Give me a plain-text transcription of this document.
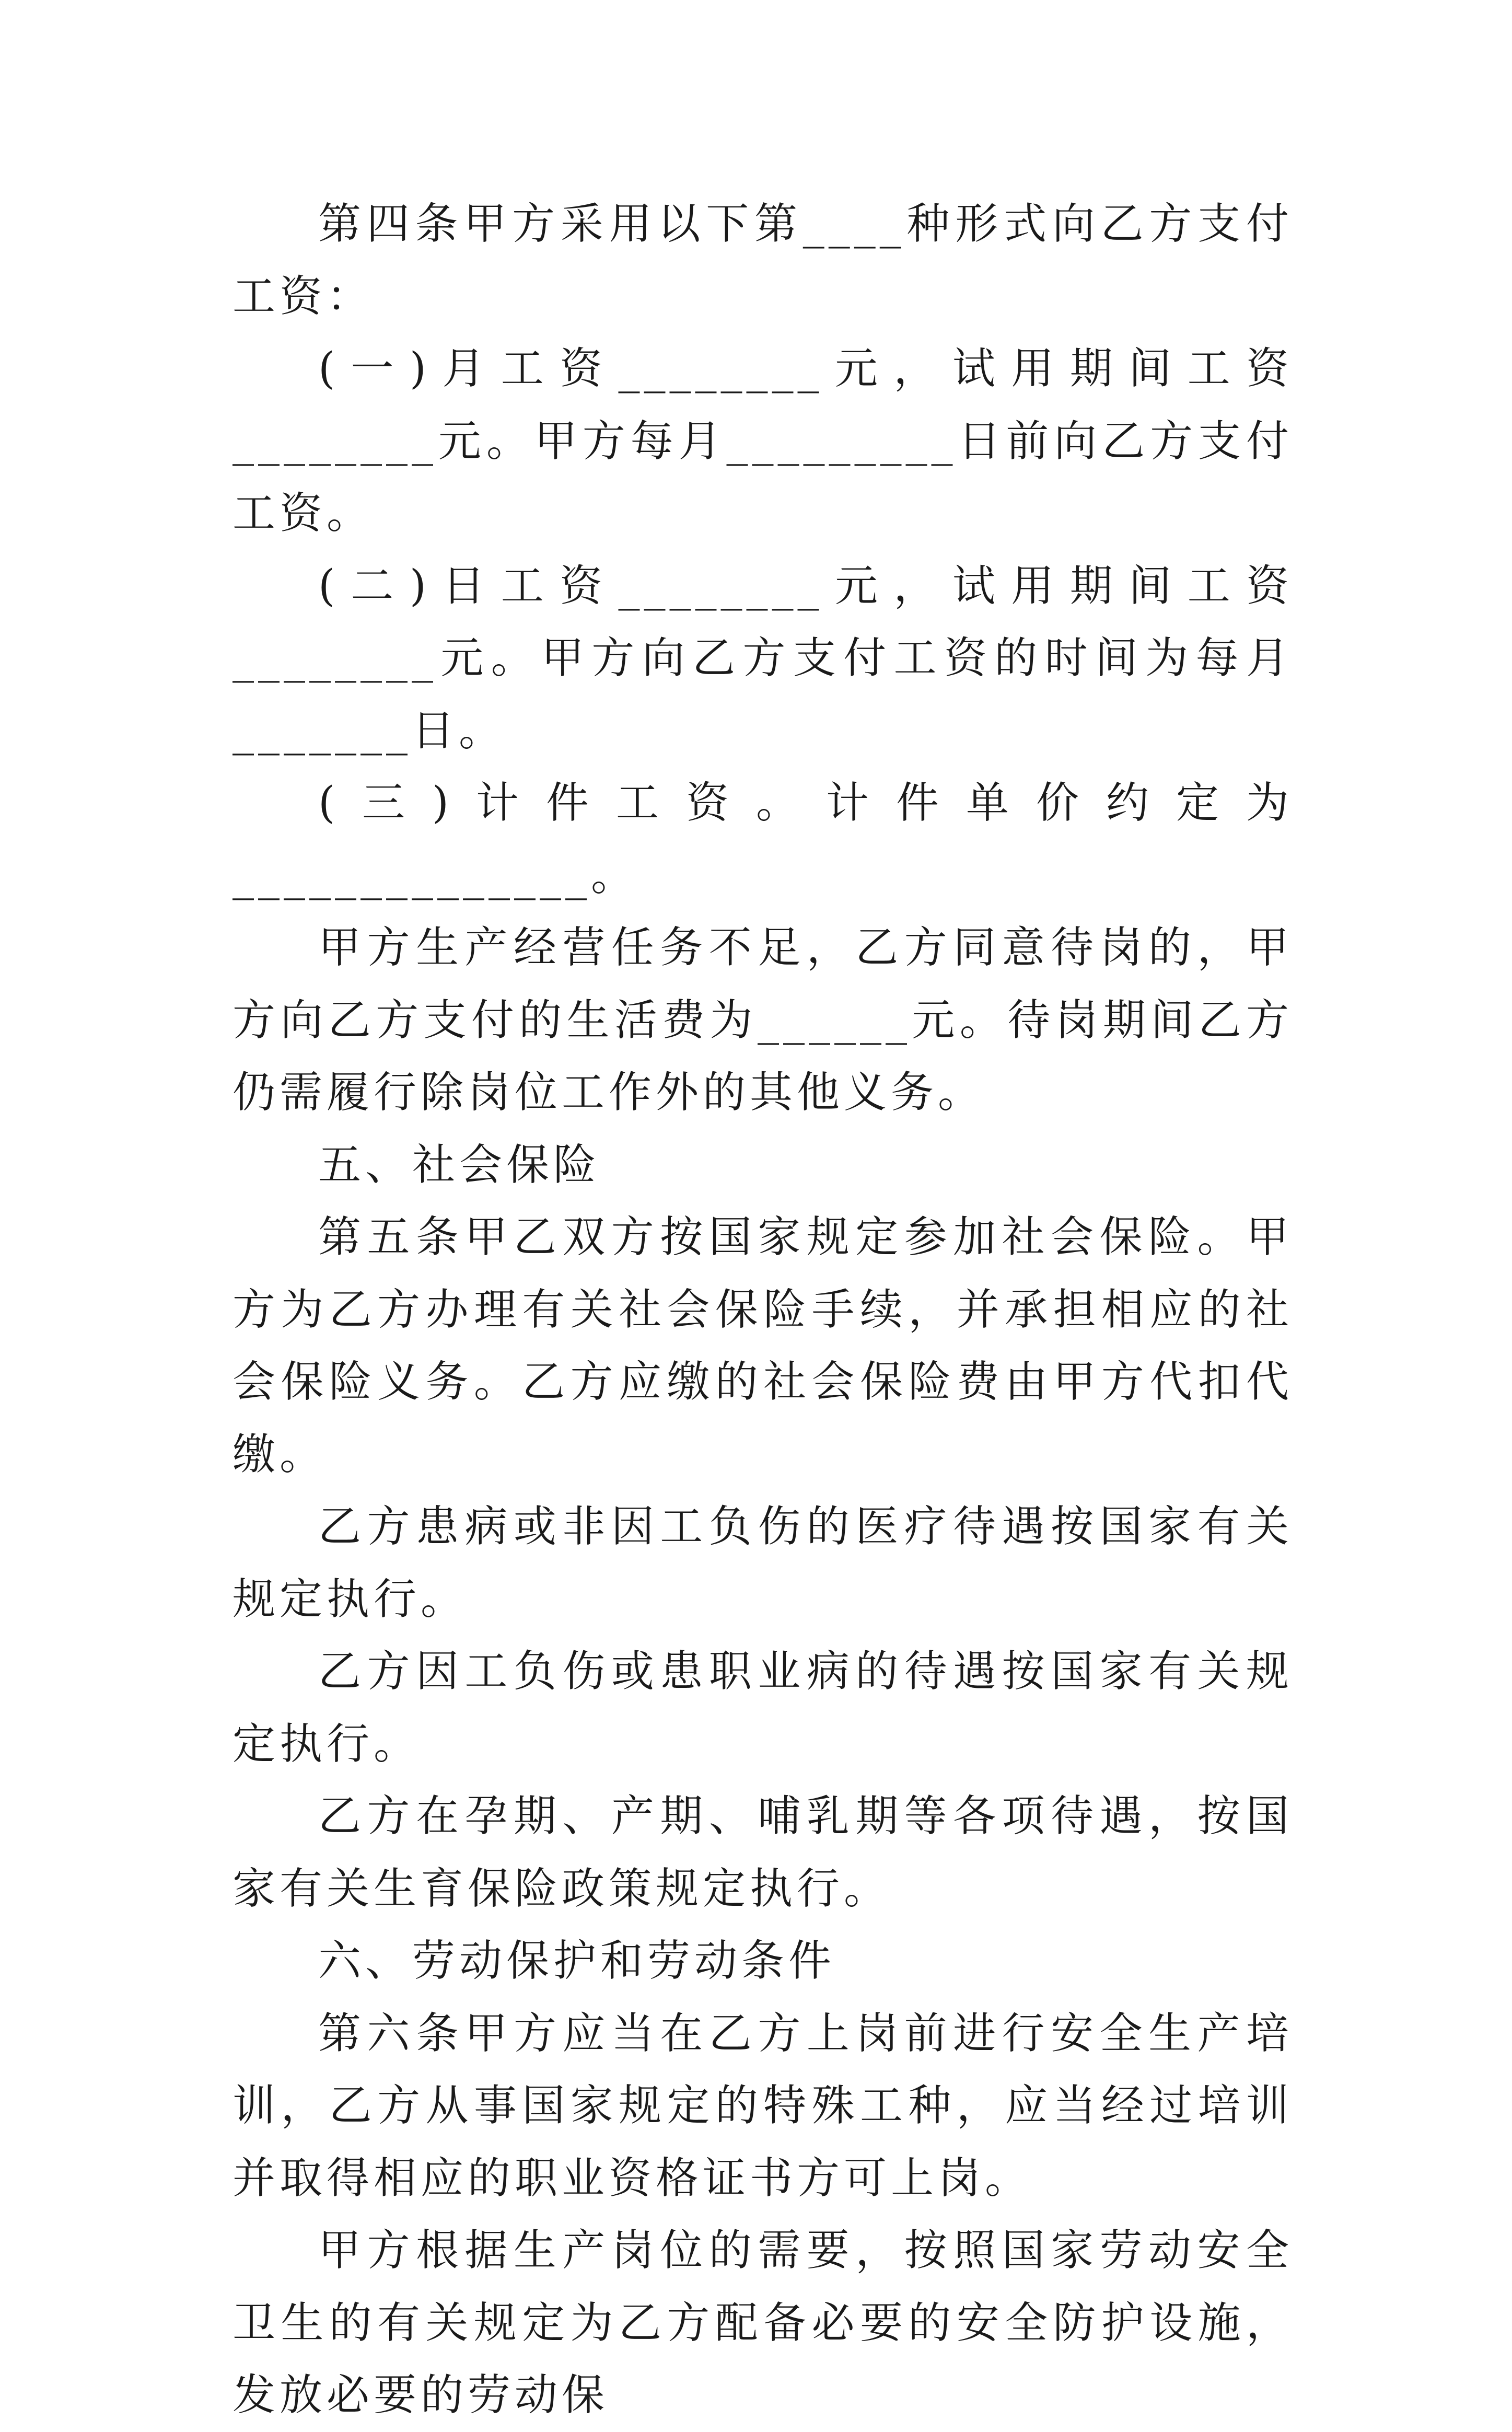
第四条甲方采用以下第____种形式向乙方支付工资：

(一)月工资________元，试用期间工资________元。甲方每月_________日前向乙方支付工资。

(二)日工资________元，试用期间工资________元。甲方向乙方支付工资的时间为每月_______日。

(三)计件工资。计件单价约定为______________。

甲方生产经营任务不足，乙方同意待岗的，甲方向乙方支付的生活费为______元。待岗期间乙方仍需履行除岗位工作外的其他义务。

五、社会保险

第五条甲乙双方按国家规定参加社会保险。甲方为乙方办理有关社会保险手续，并承担相应的社会保险义务。乙方应缴的社会保险费由甲方代扣代缴。

乙方患病或非因工负伤的医疗待遇按国家有关规定执行。

乙方因工负伤或患职业病的待遇按国家有关规定执行。

乙方在孕期、产期、哺乳期等各项待遇，按国家有关生育保险政策规定执行。

六、劳动保护和劳动条件

第六条甲方应当在乙方上岗前进行安全生产培训，乙方从事国家规定的特殊工种，应当经过培训并取得相应的职业资格证书方可上岗。

甲方根据生产岗位的需要，按照国家劳动安全卫生的有关规定为乙方配备必要的安全防护设施，发放必要的劳动保
